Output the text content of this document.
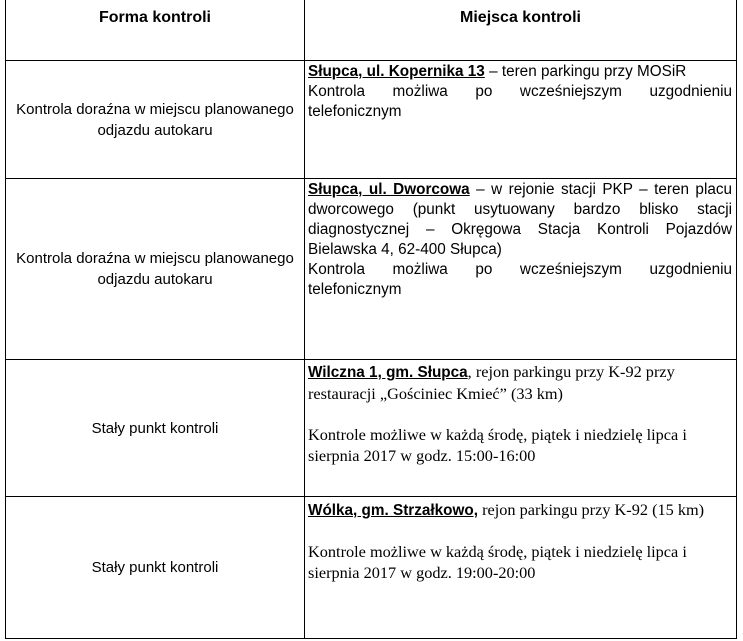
Forma kontroli	Miejsca kontroli
Kontrola doraźna w miejscu planowanego odjazdu autokaru

Słupca, ul. Kopernika 13 – teren parkingu przy MOSiR

Kontrola możliwa po wcześniejszym uzgodnieniu telefonicznym

Kontrola doraźna w miejscu planowanego odjazdu autokaru

Słupca, ul. Dworcowa – w rejonie stacji PKP – teren placu dworcowego (punkt usytuowany bardzo blisko stacji diagnostycznej – Okręgowa Stacja Kontroli Pojazdów Bielawska 4, 62-400 Słupca)

Kontrola możliwa po wcześniejszym uzgodnieniu telefonicznym

Stały punkt kontroli

Wilczna 1, gm. Słupca, rejon parkingu przy K-92 przy restauracji „Gościniec Kmieć” (33 km)

Kontrole możliwe w każdą środę, piątek i niedzielę lipca i sierpnia 2017 w godz. 15:00-16:00

Stały punkt kontroli

Wólka, gm. Strzałkowo, rejon parkingu przy K-92 (15 km)

Kontrole możliwe w każdą środę, piątek i niedzielę lipca i sierpnia 2017 w godz. 19:00-20:00
